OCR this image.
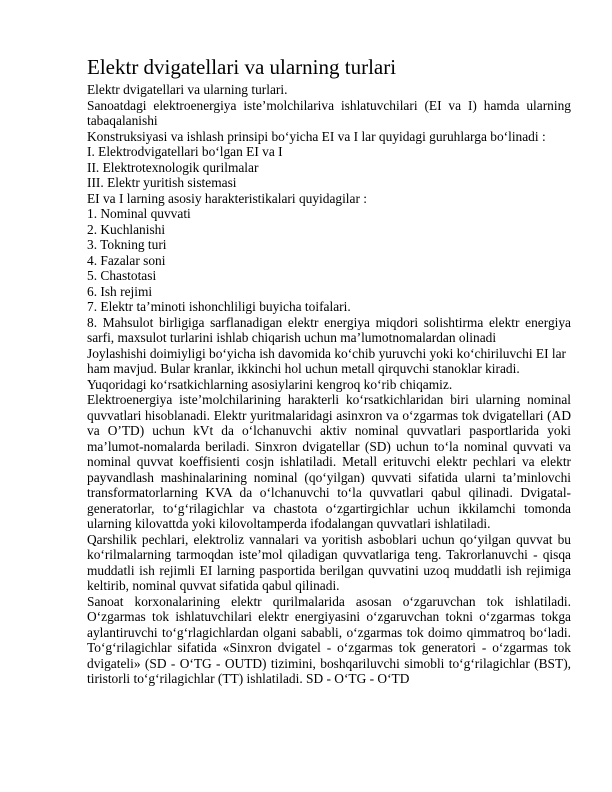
Elektr dvigatellari va ularning turlari

Elektr dvigatellari va ularning turlari.

Sanoatdagi elektroenergiya iste’molchilariva ishlatuvchilari (EI va I) hamda ularning tabaqalanishi

Konstruksiyasi va ishlash prinsipi bo‘yicha EI va I lar quyidagi guruhlarga bo‘linadi :

I. Elektrodvigatellari bo‘lgan EI va I

II. Elektrotexnologik qurilmalar

III. Elektr yuritish sistemasi

EI va I larning asosiy harakteristikalari quyidagilar :

1. Nominal quvvati

2. Kuchlanishi

3. Tokning turi

4. Fazalar soni

5. Chastotasi

6. Ish rejimi

7. Elektr ta’minoti ishonchliligi buyicha toifalari.

8. Mahsulot birligiga sarflanadigan elektr energiya miqdori solishtirma elektr energiya sarfi, maxsulot turlarini ishlab chiqarish uchun ma’lumotnomalardan olinadi

Joylashishi doimiyligi bo‘yicha ish davomida ko‘chib yuruvchi yoki ko‘chiriluvchi EI lar ham mavjud. Bular kranlar, ikkinchi hol uchun metall qirquvchi stanoklar kiradi.

Yuqoridagi ko‘rsatkichlarning asosiylarini kengroq ko‘rib chiqamiz.

Elektroenergiya iste’molchilarining harakterli ko‘rsatkichlaridan biri ularning nominal quvvatlari hisoblanadi. Elektr yuritmalaridagi asinxron va o‘zgarmas tok dvigatellari (AD va O’TD) uchun kVt da o‘lchanuvchi aktiv nominal quvvatlari pasportlarida yoki ma’lumot-nomalarda beriladi. Sinxron dvigatellar (SD) uchun to‘la nominal quvvati va nominal quvvat koeffisienti cosjn ishlatiladi. Metall erituvchi elektr pechlari va elektr payvandlash mashinalarining nominal (qo‘yilgan) quvvati sifatida ularni ta’minlovchi transformatorlarning KVA da o‘lchanuvchi to‘la quvvatlari qabul qilinadi. Dvigatal- generatorlar, to‘g‘rilagichlar va chastota o‘zgartirgichlar uchun ikkilamchi tomonda ularning kilovattda yoki kilovoltamperda ifodalangan quvvatlari ishlatiladi.

Qarshilik pechlari, elektroliz vannalari va yoritish asboblari uchun qo‘yilgan quvvat bu ko‘rilmalarning tarmoqdan iste’mol qiladigan quvvatlariga teng. Takrorlanuvchi - qisqa muddatli ish rejimli EI larning pasportida berilgan quvvatini uzoq muddatli ish rejimiga keltirib, nominal quvvat sifatida qabul qilinadi.

Sanoat korxonalarining elektr qurilmalarida asosan o‘zgaruvchan tok ishlatiladi. O‘zgarmas tok ishlatuvchilari elektr energiyasini o‘zgaruvchan tokni o‘zgarmas tokga aylantiruvchi to‘g‘rlagichlardan olgani sababli, o‘zgarmas tok doimo qimmatroq bo‘ladi. To‘g‘rilagichlar sifatida «Sinxron dvigatel - o‘zgarmas tok generatori - o‘zgarmas tok dvigateli» (SD - O‘TG - OUTD) tizimini, boshqariluvchi simobli to‘g‘rilagichlar (BST), tiristorli to‘g‘rilagichlar (TT) ishlatiladi. SD - O‘TG - O‘TD
